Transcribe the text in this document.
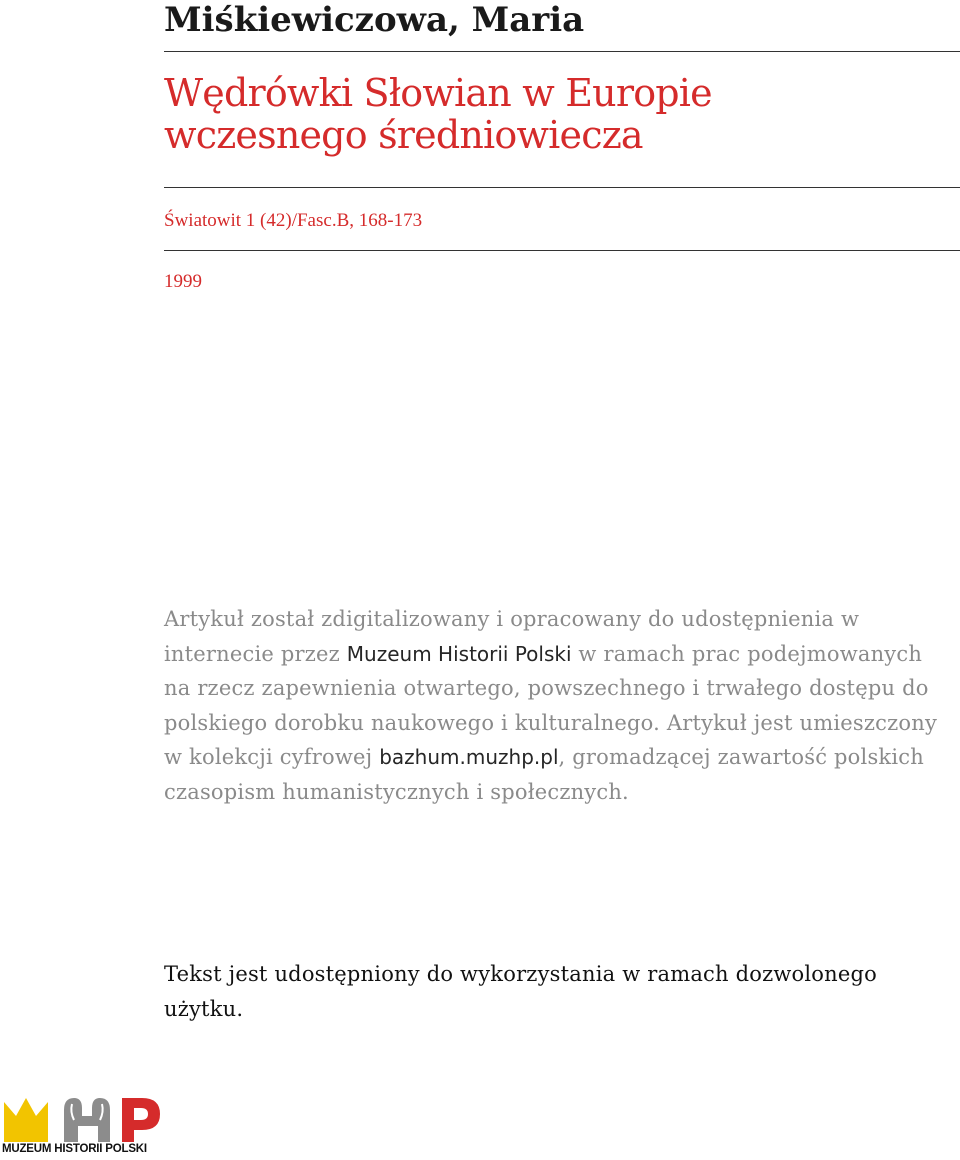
Miśkiewiczowa, Maria
Wędrówki Słowian w Europie wczesnego średniowiecza
Światowit 1 (42)/Fasc.B, 168-173
1999
Artykuł został zdigitalizowany i opracowany do udostępnienia w internecie przez Muzeum Historii Polski w ramach prac podejmowanych na rzecz zapewnienia otwartego, powszechnego i trwałego dostępu do polskiego dorobku naukowego i kulturalnego. Artykuł jest umieszczony w kolekcji cyfrowej bazhum.muzhp.pl, gromadzącej zawartość polskich czasopism humanistycznych i społecznych.
Tekst jest udostępniony do wykorzystania w ramach dozwolonego użytku.
MUZEUM HISTORII POLSKI
